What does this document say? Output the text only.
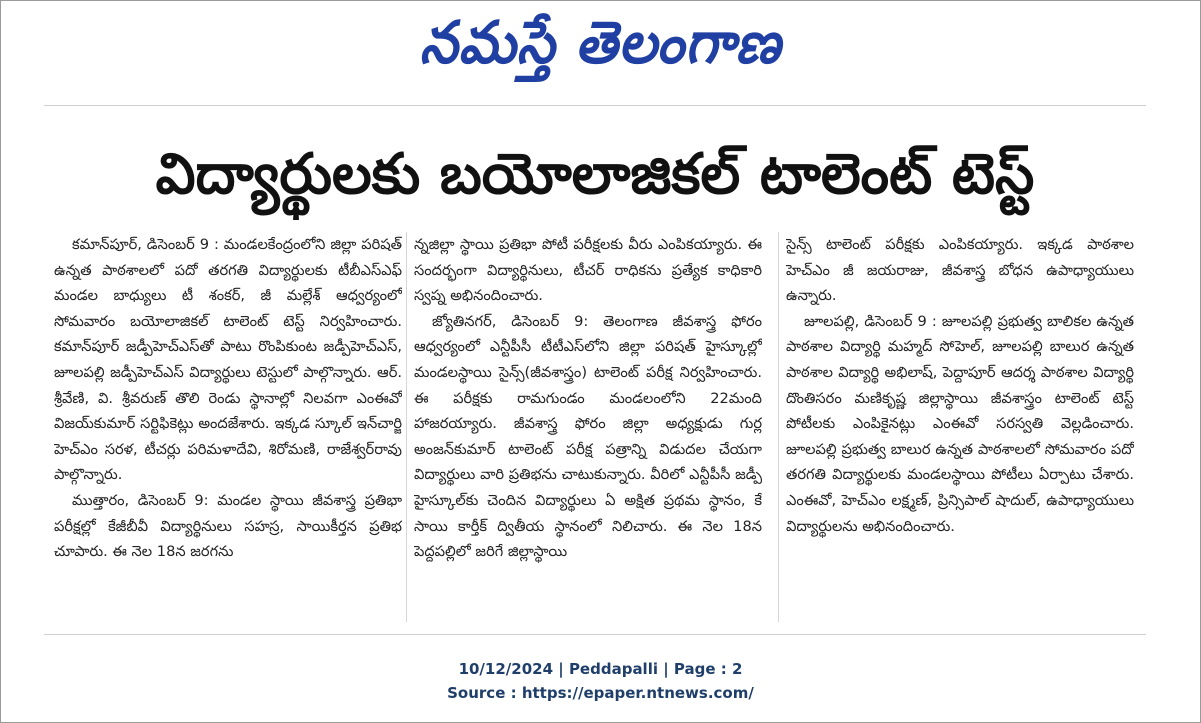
నమస్తే తెలంగాణ
విద్యార్థులకు బయోలాజికల్ టాలెంట్ టెస్ట్

కమాన్‌పూర్, డిసెంబర్ 9 : మండలకేంద్రంలోని జిల్లా పరిషత్ ఉన్నత పాఠశాలలో పదో తరగతి విద్యార్థులకు టీబీఎస్‌ఎఫ్ మండల బాధ్యులు టీ శంకర్, జీ మల్లేశ్ ఆధ్వర్యంలో సోమవారం బయోలాజికల్ టాలెంట్ టెస్ట్ నిర్వహించారు. కమాన్‌పూర్ జడ్పీహెచ్‌ఎస్‌తో పాటు రొంపికుంట జడ్పీహెచ్‌ఎస్, జూలపల్లి జడ్పీహెచ్‌ఎస్ విద్యార్థులు టెస్టులో పాల్గొన్నారు. ఆర్. శ్రీవేణి, వి. శ్రీవరుణ్ తొలి రెండు స్థానాల్లో నిలవగా ఎంఈవో విజయ్‌కుమార్ సర్టిఫికెట్లు అందజేశారు. ఇక్కడ స్కూల్ ఇన్‌చార్జి హెచ్‌ఎం సరళ, టీచర్లు పరిమళాదేవి, శిరోమణి, రాజేశ్వర్‌రావు పాల్గొన్నారు.

ముత్తారం, డిసెంబర్ 9: మండల స్థాయి జీవశాస్త్ర ప్రతిభా పరీక్షల్లో కేజీబీవీ విద్యార్థినులు సహస్ర, సాయికీర్తన ప్రతిభ చూపారు. ఈ నెల 18న జరగను

న్నజిల్లా స్థాయి ప్రతిభా పోటీ పరీక్షలకు వీరు ఎంపికయ్యారు. ఈ సందర్భంగా విద్యార్థినులు, టీచర్ రాధికను ప్రత్యేక కాధికారి స్వప్న అభినందించారు.

జ్యోతినగర్, డిసెంబర్ 9: తెలంగాణ జీవశాస్త్ర ఫోరం ఆధ్వర్యంలో ఎన్టీపీసీ టీటీఎస్‌లోని జిల్లా పరిషత్ హైస్కూల్లో మండలస్థాయి సైన్స్(జీవశాస్త్రం) టాలెంట్ పరీక్ష నిర్వహించారు. ఈ పరీక్షకు రామగుండం మండలంలోని 22మంది హాజరయ్యారు. జీవశాస్త్ర ఫోరం జిల్లా అధ్యక్షుడు గుర్ల అంజన్‌కుమార్ టాలెంట్ పరీక్ష పత్రాన్ని విడుదల చేయగా విద్యార్థులు వారి ప్రతిభను చాటుకున్నారు. వీరిలో ఎన్టీపీసీ జడ్పీ హైస్కూల్‌కు చెందిన విద్యార్థులు ఏ అక్షిత ప్రథమ స్థానం, కే సాయి కార్తీక్ ద్వితీయ స్థానంలో నిలిచారు. ఈ నెల 18న పెద్దపల్లిలో జరిగే జిల్లాస్థాయి

సైన్స్ టాలెంట్ పరీక్షకు ఎంపికయ్యారు. ఇక్కడ పాఠశాల హెచ్‌ఎం జీ జయరాజు, జీవశాస్త్ర బోధన ఉపాధ్యాయులు ఉన్నారు.

జూలపల్లి, డిసెంబర్ 9 : జూలపల్లి ప్రభుత్వ బాలికల ఉన్నత పాఠశాల విద్యార్థి మహ్మద్ సోహెల్, జూలపల్లి బాలుర ఉన్నత పాఠశాల విద్యార్థి అభిలాష్, పెద్దాపూర్ ఆదర్శ పాఠశాల విద్యార్థి దొంతిసరం మణికృష్ణ జిల్లాస్థాయి జీవశాస్త్రం టాలెంట్ టెస్ట్ పోటీలకు ఎంపికైనట్లు ఎంఈవో సరస్వతి వెల్లడించారు. జూలపల్లి ప్రభుత్వ బాలుర ఉన్నత పాఠశాలలో సోమవారం పదో తరగతి విద్యార్థులకు మండలస్థాయి పోటీలు ఏర్పాటు చేశారు. ఎంఈవో, హెచ్‌ఎం లక్ష్మణ్, ప్రిన్సిపాల్ షాదుల్, ఉపాధ్యాయులు విద్యార్థులను అభినందించారు.

10/12/2024 | Peddapalli | Page : 2
Source : https://epaper.ntnews.com/
